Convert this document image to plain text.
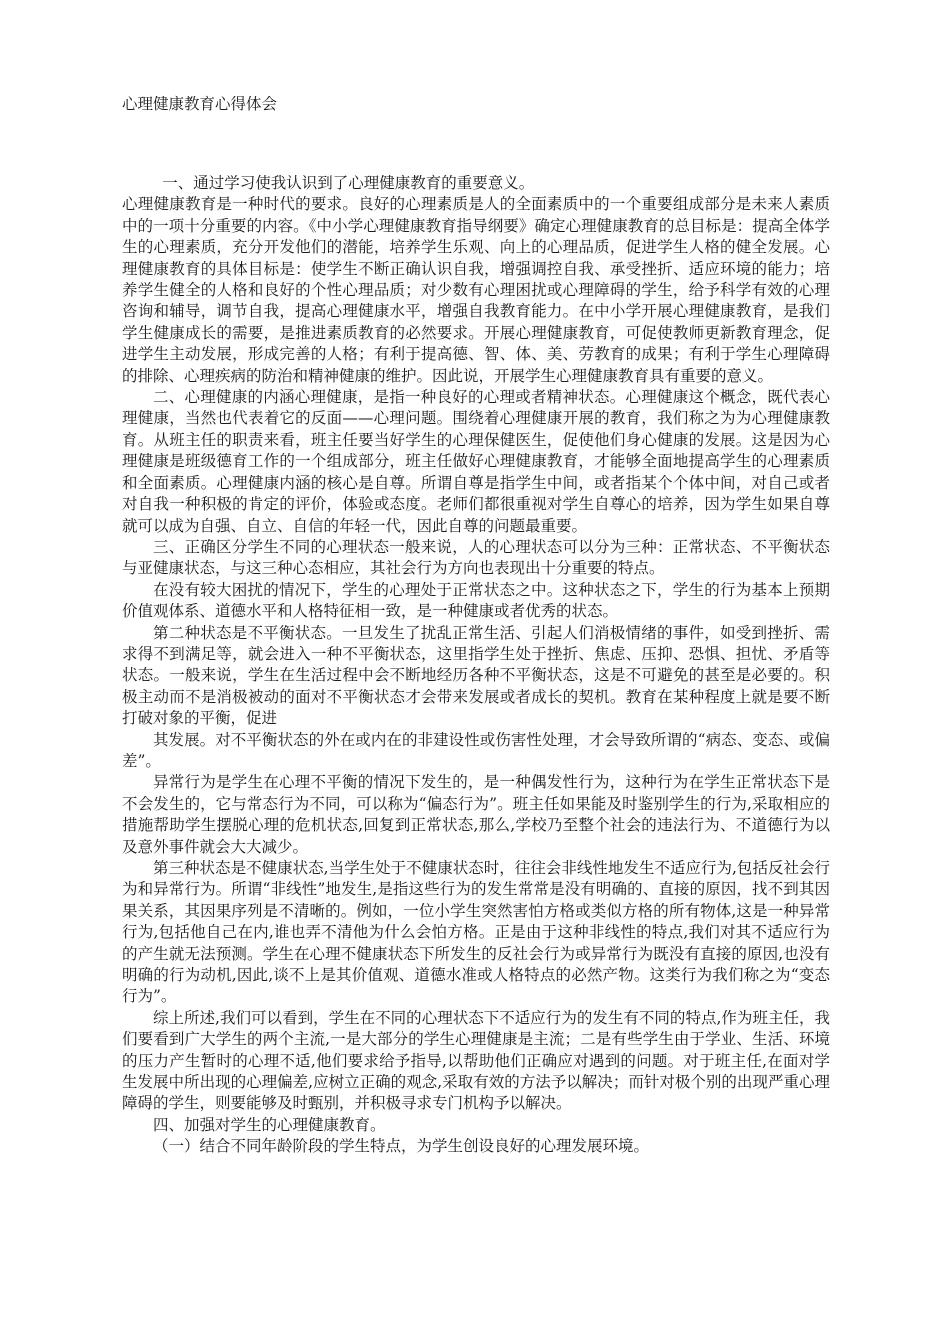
心理健康教育心得体会

一、通过学习使我认识到了心理健康教育的重要意义。

心理健康教育是一种时代的要求。良好的心理素质是人的全面素质中的一个重要组成部分是未来人素质中的一项十分重要的内容。《中小学心理健康教育指导纲要》确定心理健康教育的总目标是：提高全体学生的心理素质，充分开发他们的潜能，培养学生乐观、向上的心理品质，促进学生人格的健全发展。心理健康教育的具体目标是：使学生不断正确认识自我，增强调控自我、承受挫折、适应环境的能力；培养学生健全的人格和良好的个性心理品质；对少数有心理困扰或心理障碍的学生，给予科学有效的心理咨询和辅导，调节自我，提高心理健康水平，增强自我教育能力。在中小学开展心理健康教育，是我们学生健康成长的需要，是推进素质教育的必然要求。开展心理健康教育，可促使教师更新教育理念，促进学生主动发展，形成完善的人格；有利于提高德、智、体、美、劳教育的成果；有利于学生心理障碍的排除、心理疾病的防治和精神健康的维护。因此说，开展学生心理健康教育具有重要的意义。

二、心理健康的内涵心理健康，是指一种良好的心理或者精神状态。心理健康这个概念，既代表心理健康，当然也代表着它的反面——心理问题。围绕着心理健康开展的教育，我们称之为为心理健康教育。从班主任的职责来看，班主任要当好学生的心理保健医生，促使他们身心健康的发展。这是因为心理健康是班级德育工作的一个组成部分，班主任做好心理健康教育，才能够全面地提高学生的心理素质和全面素质。心理健康内涵的核心是自尊。所谓自尊是指学生中间，或者指某个个体中间，对自己或者对自我一种积极的肯定的评价，体验或态度。老师们都很重视对学生自尊心的培养，因为学生如果自尊就可以成为自强、自立、自信的年轻一代，因此自尊的问题最重要。

三、正确区分学生不同的心理状态一般来说，人的心理状态可以分为三种：正常状态、不平衡状态与亚健康状态，与这三种心态相应，其社会行为方向也表现出十分重要的特点。

在没有较大困扰的情况下，学生的心理处于正常状态之中。这种状态之下，学生的行为基本上预期价值观体系、道德水平和人格特征相一致，是一种健康或者优秀的状态。

第二种状态是不平衡状态。一旦发生了扰乱正常生活、引起人们消极情绪的事件，如受到挫折、需求得不到满足等，就会进入一种不平衡状态，这里指学生处于挫折、焦虑、压抑、恐惧、担忧、矛盾等状态。一般来说，学生在生活过程中会不断地经历各种不平衡状态，这是不可避免的甚至是必要的。积极主动而不是消极被动的面对不平衡状态才会带来发展或者成长的契机。教育在某种程度上就是要不断打破对象的平衡，促进

其发展。对不平衡状态的外在或内在的非建设性或伤害性处理，才会导致所谓的“病态、变态、或偏差”。

异常行为是学生在心理不平衡的情况下发生的，是一种偶发性行为，这种行为在学生正常状态下是不会发生的，它与常态行为不同，可以称为“偏态行为”。班主任如果能及时鉴别学生的行为,采取相应的措施帮助学生摆脱心理的危机状态,回复到正常状态,那么,学校乃至整个社会的违法行为、不道德行为以及意外事件就会大大减少。

第三种状态是不健康状态,当学生处于不健康状态时，往往会非线性地发生不适应行为,包括反社会行为和异常行为。所谓“非线性”地发生,是指这些行为的发生常常是没有明确的、直接的原因，找不到其因果关系，其因果序列是不清晰的。例如，一位小学生突然害怕方格或类似方格的所有物体,这是一种异常行为,包括他自己在内,谁也弄不清他为什么会怕方格。正是由于这种非线性的特点,我们对其不适应行为的产生就无法预测。学生在心理不健康状态下所发生的反社会行为或异常行为既没有直接的原因,也没有明确的行为动机,因此,谈不上是其价值观、道德水准或人格特点的必然产物。这类行为我们称之为“变态行为”。

综上所述,我们可以看到，学生在不同的心理状态下不适应行为的发生有不同的特点,作为班主任，我们要看到广大学生的两个主流,一是大部分的学生心理健康是主流；二是有些学生由于学业、生活、环境的压力产生暂时的心理不适,他们要求给予指导,以帮助他们正确应对遇到的问题。对于班主任,在面对学生发展中所出现的心理偏差,应树立正确的观念,采取有效的方法予以解决；而针对极个别的出现严重心理障碍的学生，则要能够及时甄别，并积极寻求专门机构予以解决。

四、加强对学生的心理健康教育。

（一）结合不同年龄阶段的学生特点，为学生创设良好的心理发展环境。
